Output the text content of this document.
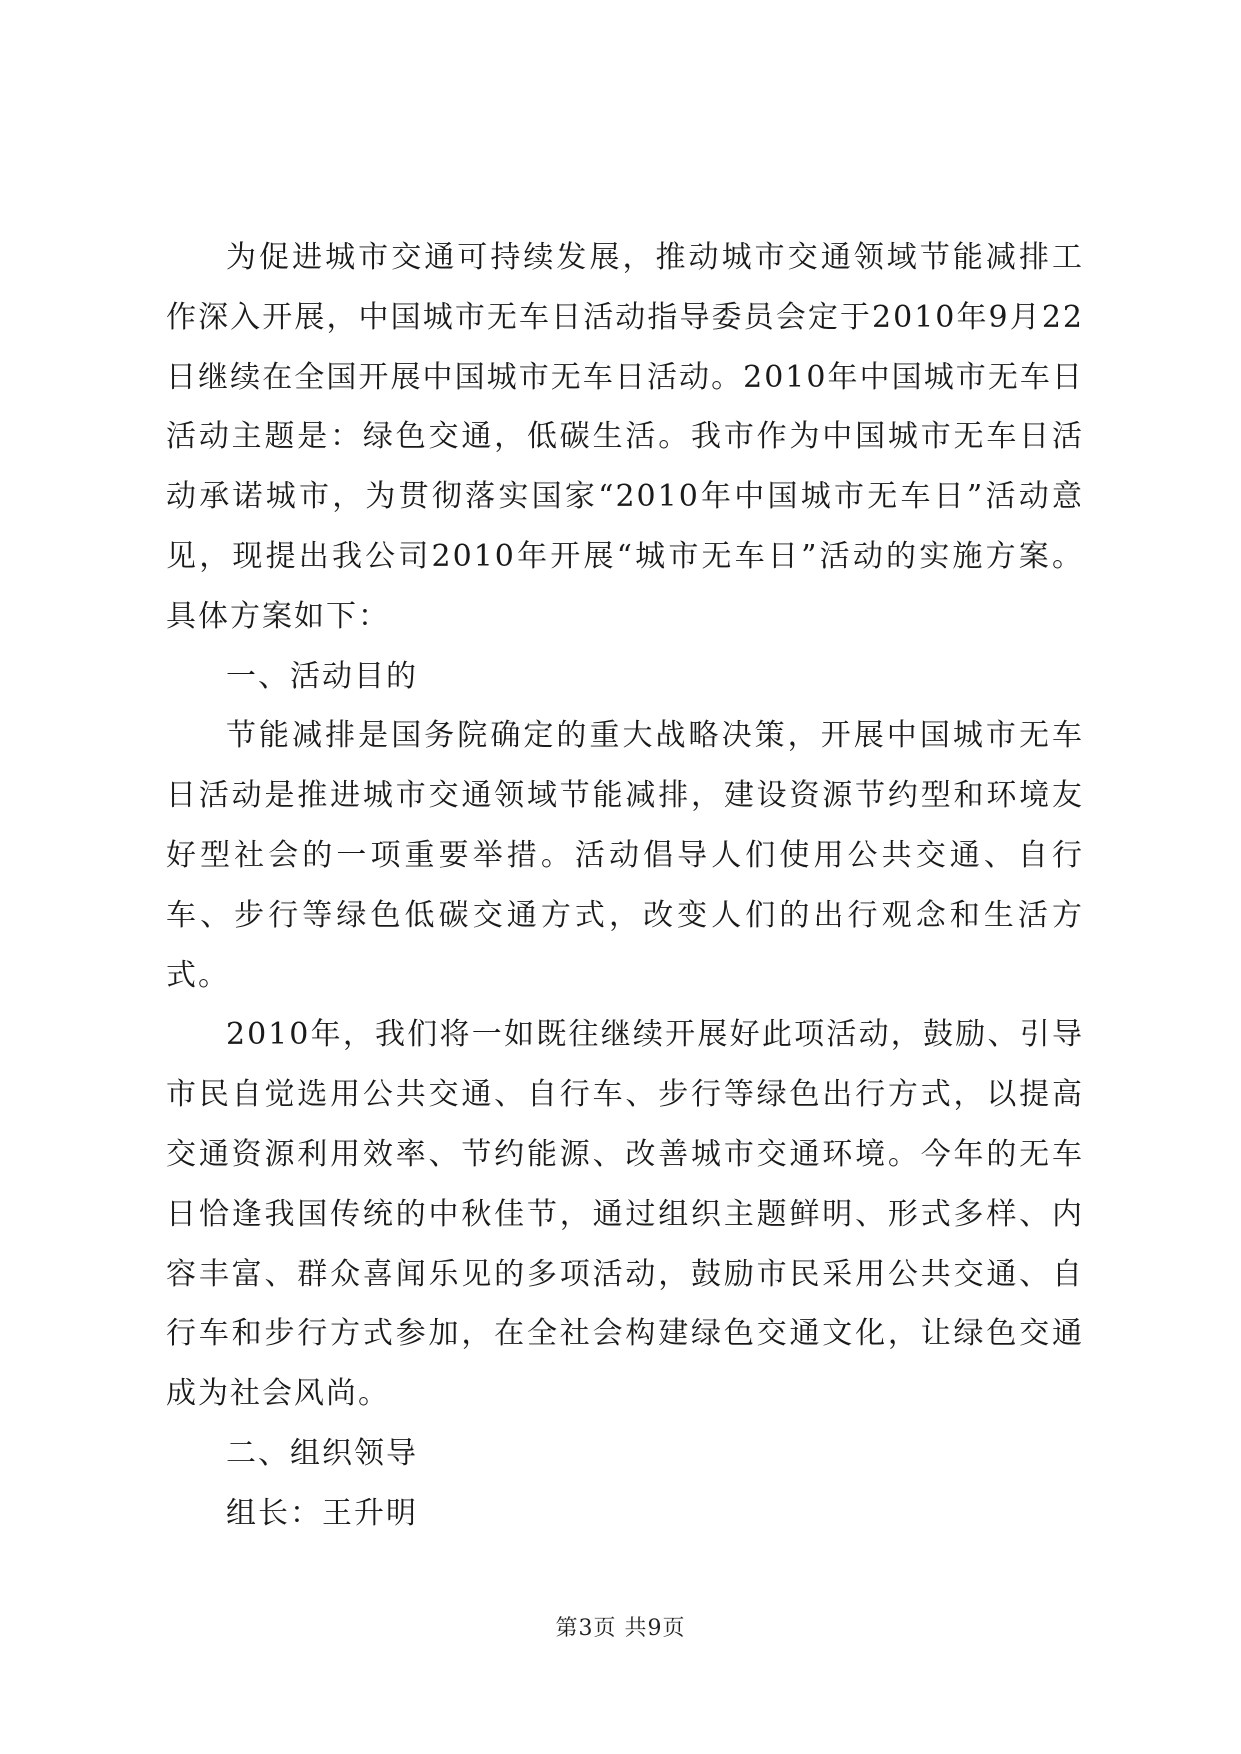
为促进城市交通可持续发展，推动城市交通领域节能减排工作深入开展，中国城市无车日活动指导委员会定于2010年9月22日继续在全国开展中国城市无车日活动。2010年中国城市无车日活动主题是：绿色交通，低碳生活。我市作为中国城市无车日活动承诺城市，为贯彻落实国家“2010年中国城市无车日”活动意见，现提出我公司2010年开展“城市无车日”活动的实施方案。具体方案如下：

一、活动目的

节能减排是国务院确定的重大战略决策，开展中国城市无车日活动是推进城市交通领域节能减排，建设资源节约型和环境友好型社会的一项重要举措。活动倡导人们使用公共交通、自行车、步行等绿色低碳交通方式，改变人们的出行观念和生活方式。

2010年，我们将一如既往继续开展好此项活动，鼓励、引导市民自觉选用公共交通、自行车、步行等绿色出行方式，以提高交通资源利用效率、节约能源、改善城市交通环境。今年的无车日恰逢我国传统的中秋佳节，通过组织主题鲜明、形式多样、内容丰富、群众喜闻乐见的多项活动，鼓励市民采用公共交通、自行车和步行方式参加，在全社会构建绿色交通文化，让绿色交通成为社会风尚。

二、组织领导

组长：王升明

第3页 共9页
